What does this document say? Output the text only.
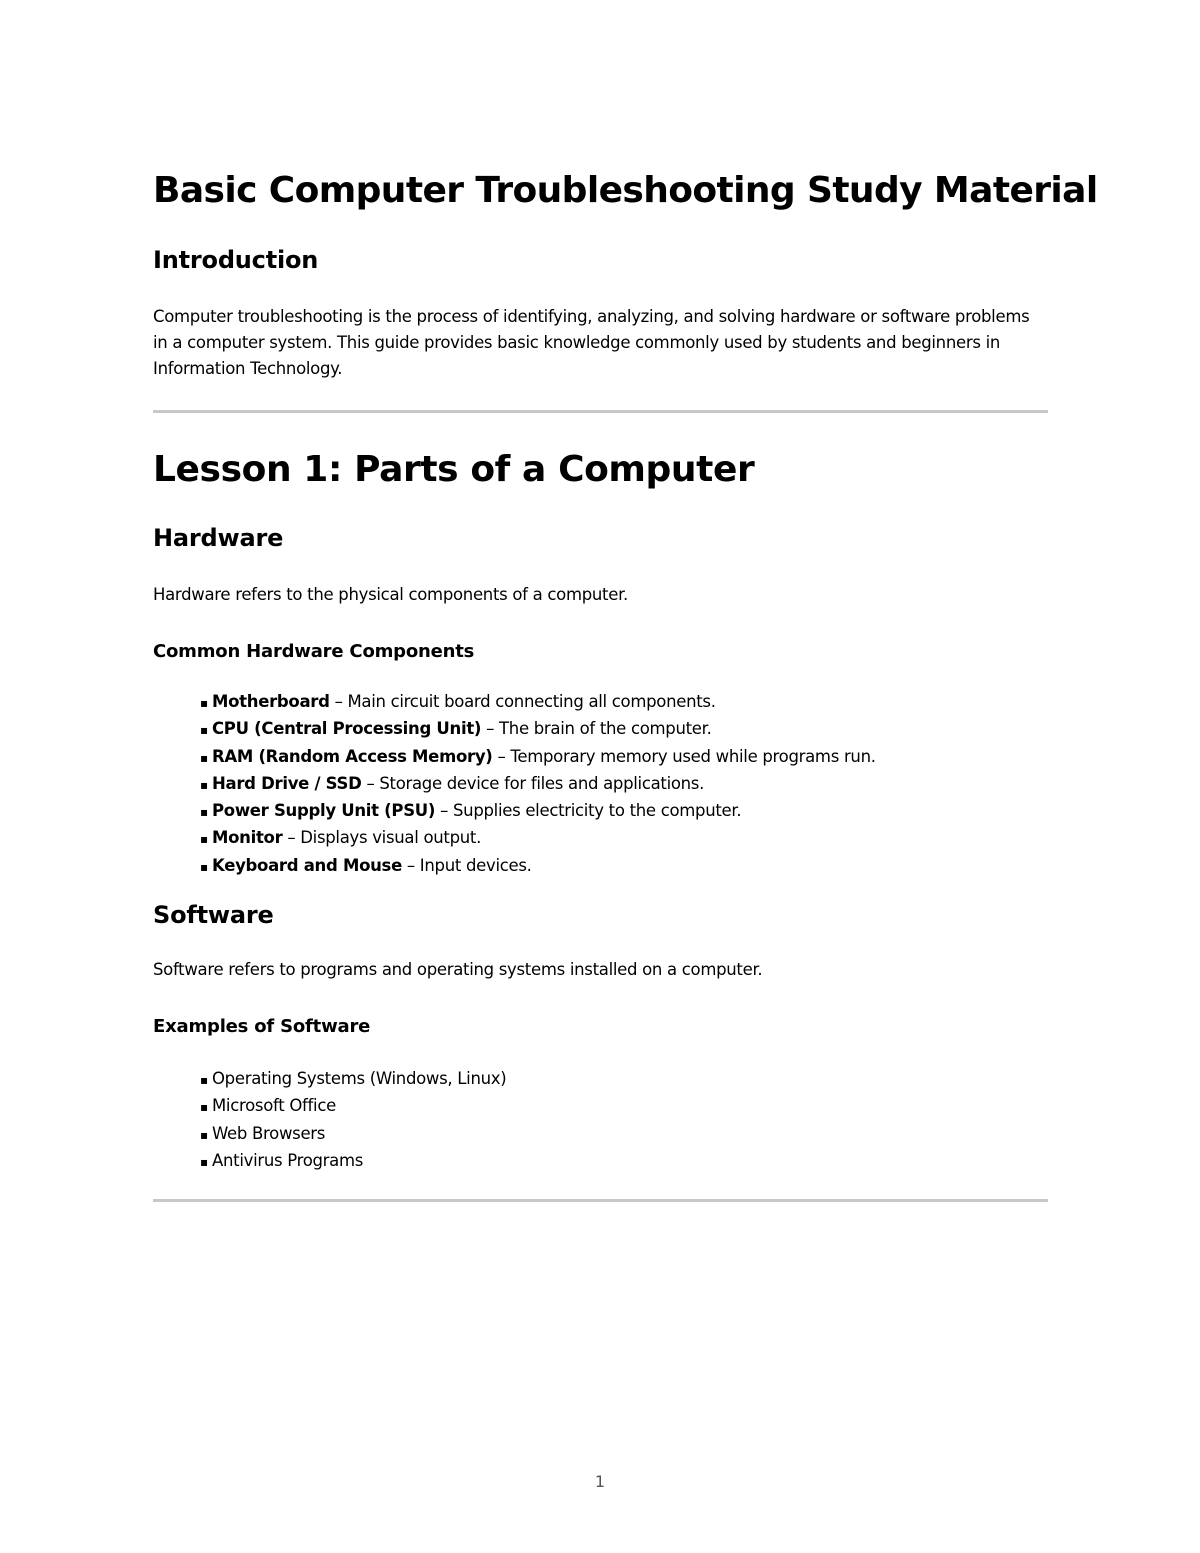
Basic Computer Troubleshooting Study Material
Introduction

Computer troubleshooting is the process of identifying, analyzing, and solving hardware or software problems in a computer system. This guide provides basic knowledge commonly used by students and beginners in Information Technology.

Lesson 1: Parts of a Computer
Hardware

Hardware refers to the physical components of a computer.

Common Hardware Components
▪ Motherboard – Main circuit board connecting all components.
▪ CPU (Central Processing Unit) – The brain of the computer.
▪ RAM (Random Access Memory) – Temporary memory used while programs run.
▪ Hard Drive / SSD – Storage device for files and applications.
▪ Power Supply Unit (PSU) – Supplies electricity to the computer.
▪ Monitor – Displays visual output.
▪ Keyboard and Mouse – Input devices.
Software

Software refers to programs and operating systems installed on a computer.

Examples of Software
▪ Operating Systems (Windows, Linux)
▪ Microsoft Office
▪ Web Browsers
▪ Antivirus Programs
1
